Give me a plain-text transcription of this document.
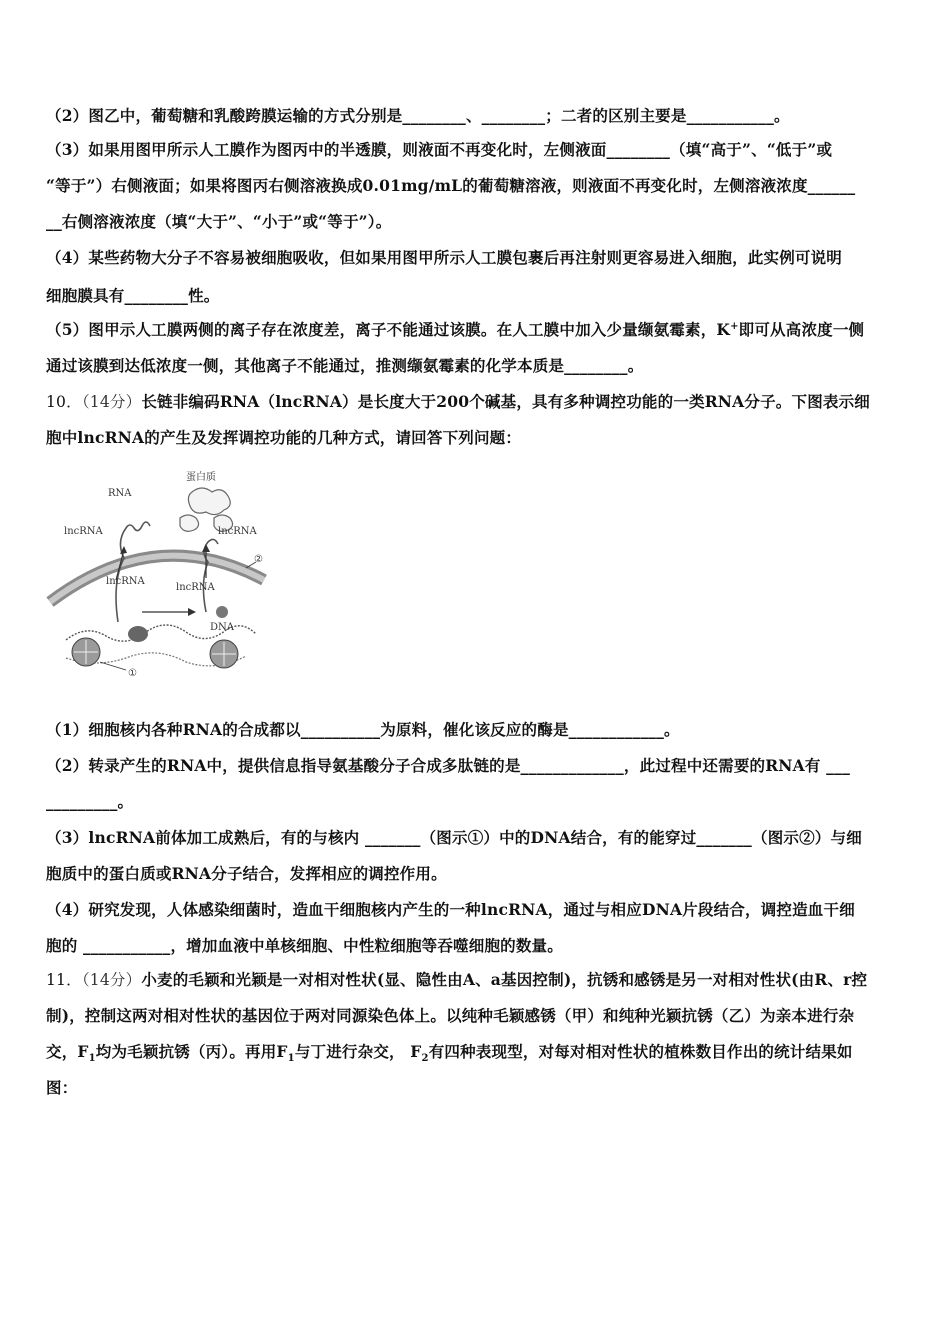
（2）图乙中，葡萄糖和乳酸跨膜运输的方式分别是________、________；二者的区别主要是___________。
（3）如果用图甲所示人工膜作为图丙中的半透膜，则液面不再变化时，左侧液面________（填“高于”、“低于”或
“等于”）右侧液面；如果将图丙右侧溶液换成0.01mg/mL的葡萄糖溶液，则液面不再变化时，左侧溶液浓度______
__右侧溶液浓度（填“大于”、“小于”或“等于”）。
（4）某些药物大分子不容易被细胞吸收，但如果用图甲所示人工膜包裹后再注射则更容易进入细胞，此实例可说明
细胞膜具有________性。
（5）图甲示人工膜两侧的离子存在浓度差，离子不能通过该膜。在人工膜中加入少量缬氨霉素，K+即可从高浓度一侧
通过该膜到达低浓度一侧，其他离子不能通过，推测缬氨霉素的化学本质是________。
10．（14分）长链非编码RNA（lncRNA）是长度大于200个碱基，具有多种调控功能的一类RNA分子。下图表示细
胞中lncRNA的产生及发挥调控功能的几种方式，请回答下列问题：
蛋白质
RNA
lncRNA	lncRNA
lncRNA
lncRNA
DNA
①
②
（1）细胞核内各种RNA的合成都以__________为原料，催化该反应的酶是____________。
（2）转录产生的RNA中，提供信息指导氨基酸分子合成多肽链的是_____________，此过程中还需要的RNA有 ___
_________。
（3）lncRNA前体加工成熟后，有的与核内 _______（图示①）中的DNA结合，有的能穿过_______（图示②）与细
胞质中的蛋白质或RNA分子结合，发挥相应的调控作用。
（4）研究发现，人体感染细菌时，造血干细胞核内产生的一种lncRNA，通过与相应DNA片段结合，调控造血干细
胞的 ___________，增加血液中单核细胞、中性粒细胞等吞噬细胞的数量。
11．（14分）小麦的毛颖和光颖是一对相对性状(显、隐性由A、a基因控制)，抗锈和感锈是另一对相对性状(由R、r控
制)，控制这两对相对性状的基因位于两对同源染色体上。以纯种毛颖感锈（甲）和纯种光颖抗锈（乙）为亲本进行杂
交，$F_1$均为毛颖抗锈（丙）。再用$F_1$与丁进行杂交， $F_2$有四种表现型，对每对相对性状的植株数目作出的统计结果如
图：
